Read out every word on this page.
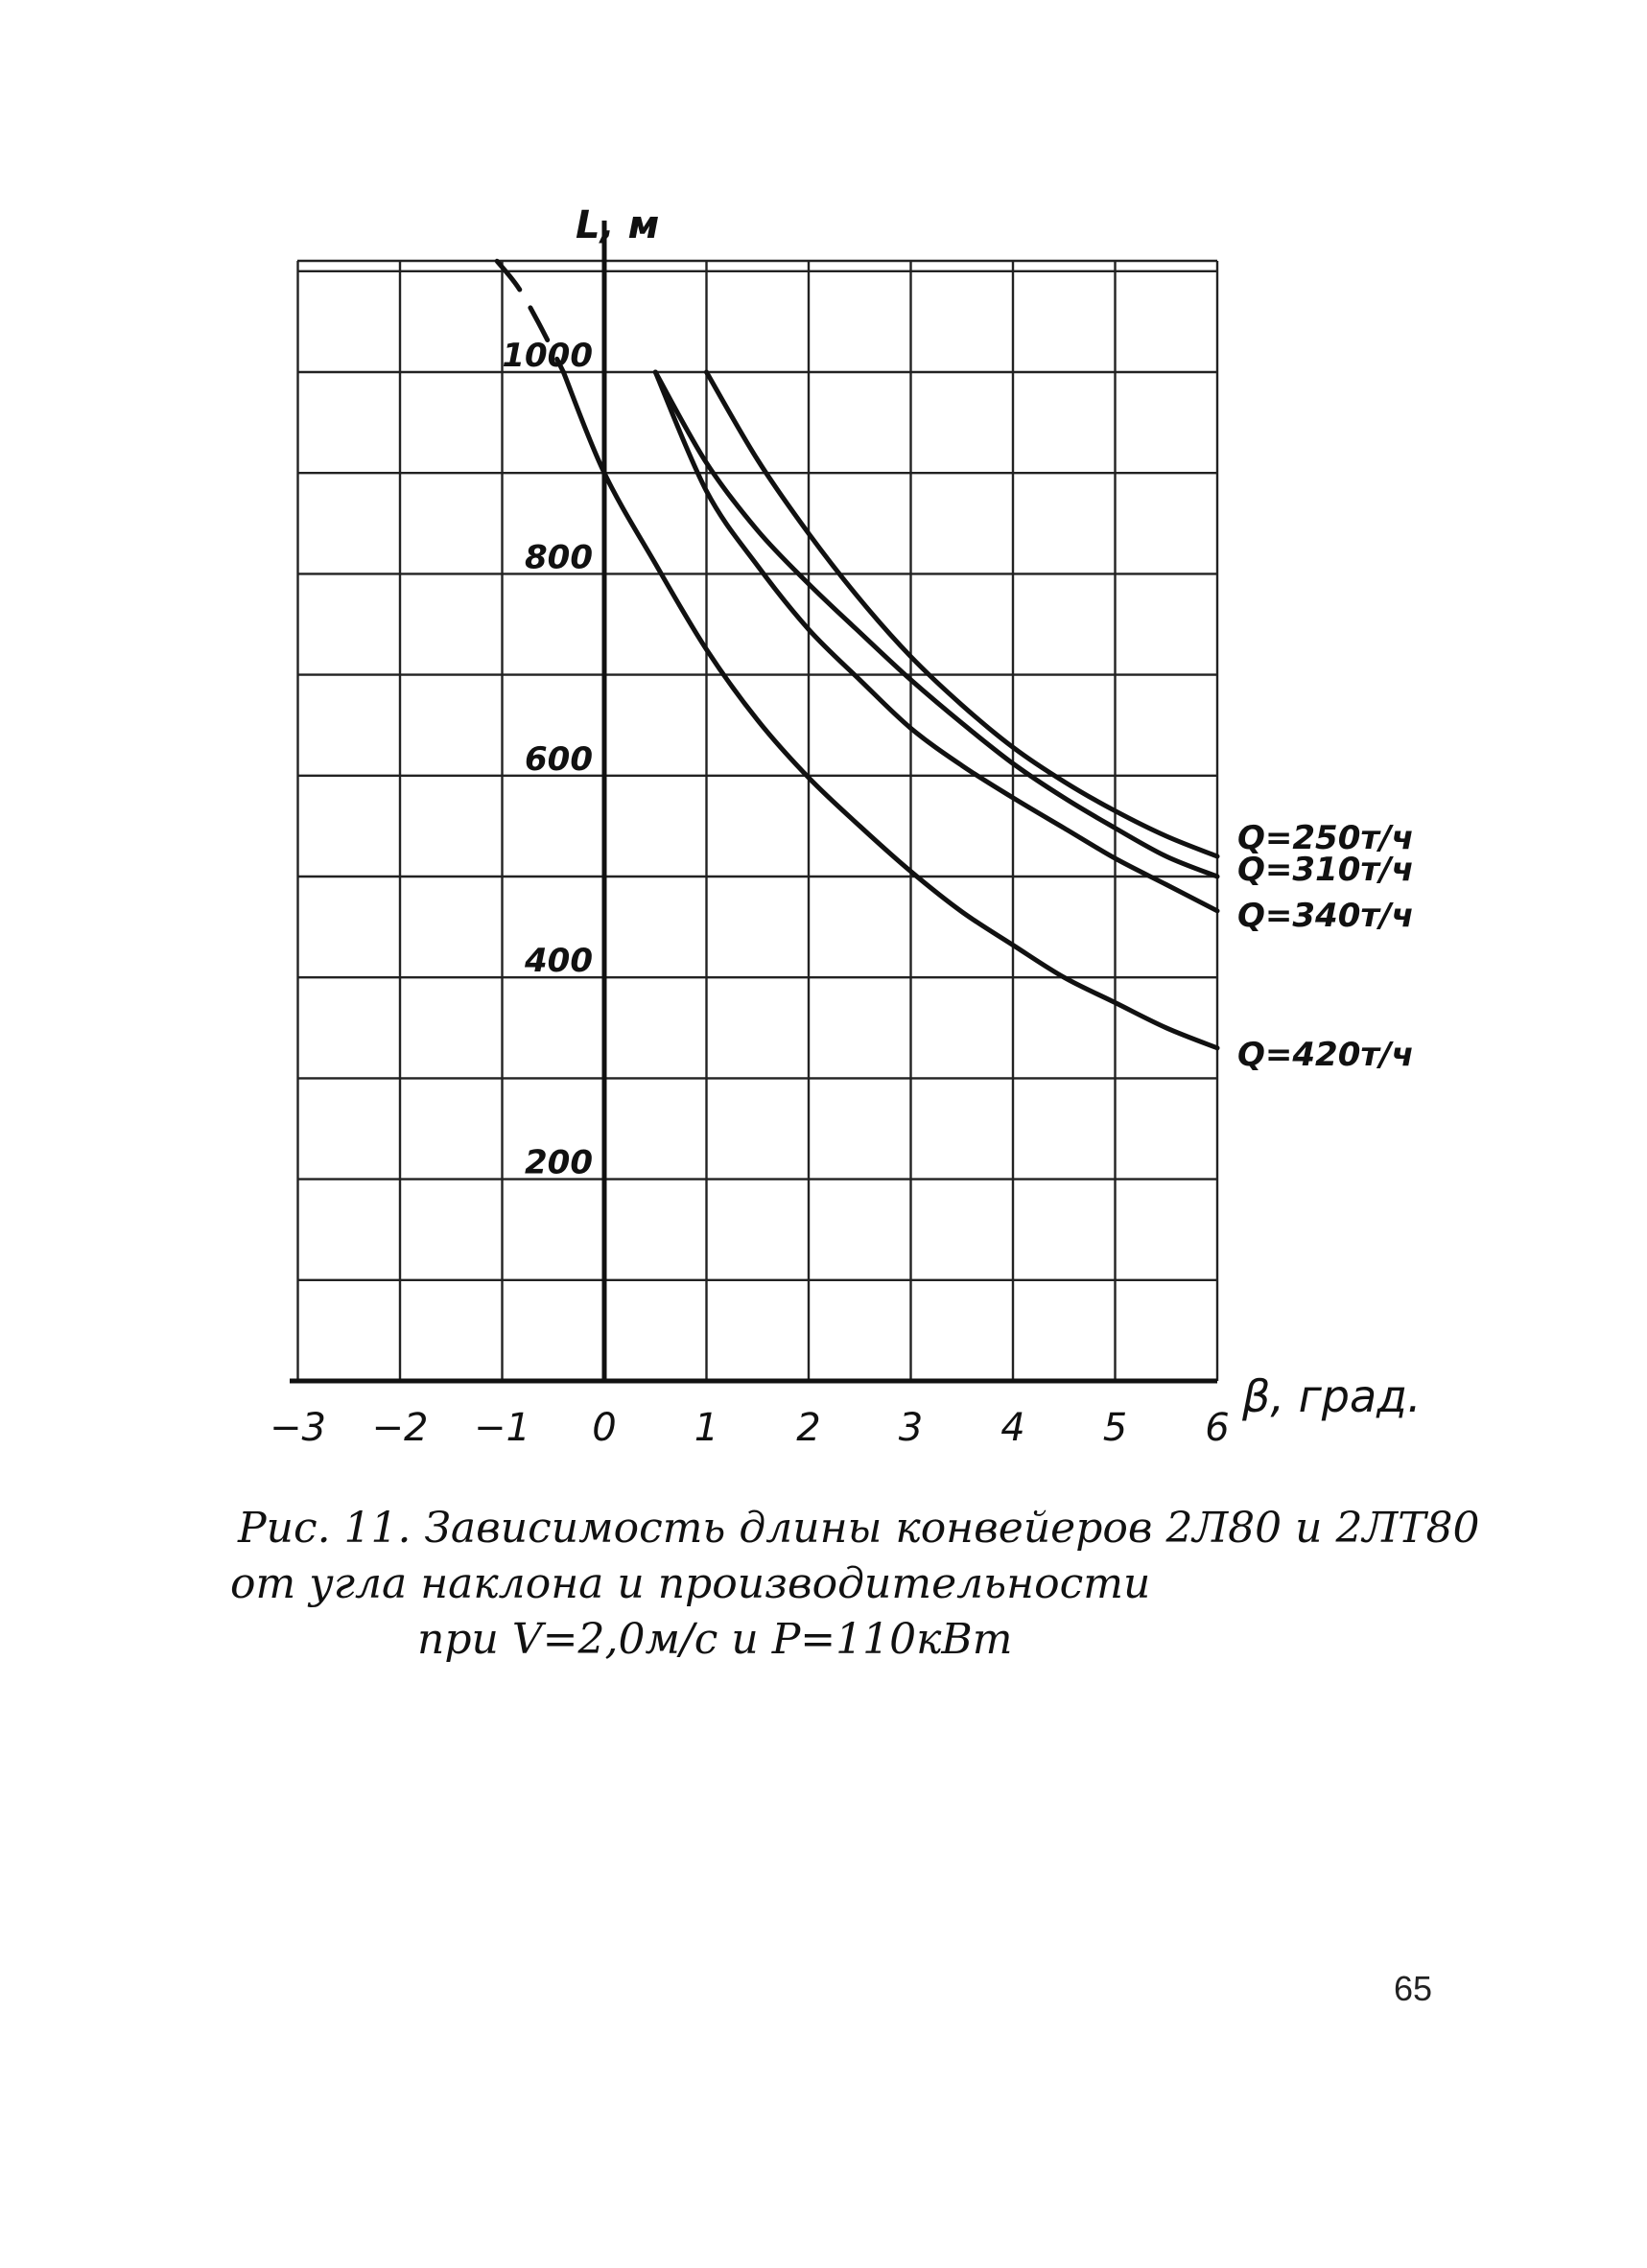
L, м
β, град.
−3 −2 −1 0 1 2 3 4 5 6
200
400
600
800
1000
Q=250т/ч
Q=310т/ч
Q=340т/ч
Q=420т/ч
Рис. 11. Зависимость длины конвейеров 2Л80 и 2ЛТ80
от угла наклона и производительности
при V=2,0м/с и P=110кВт
65
